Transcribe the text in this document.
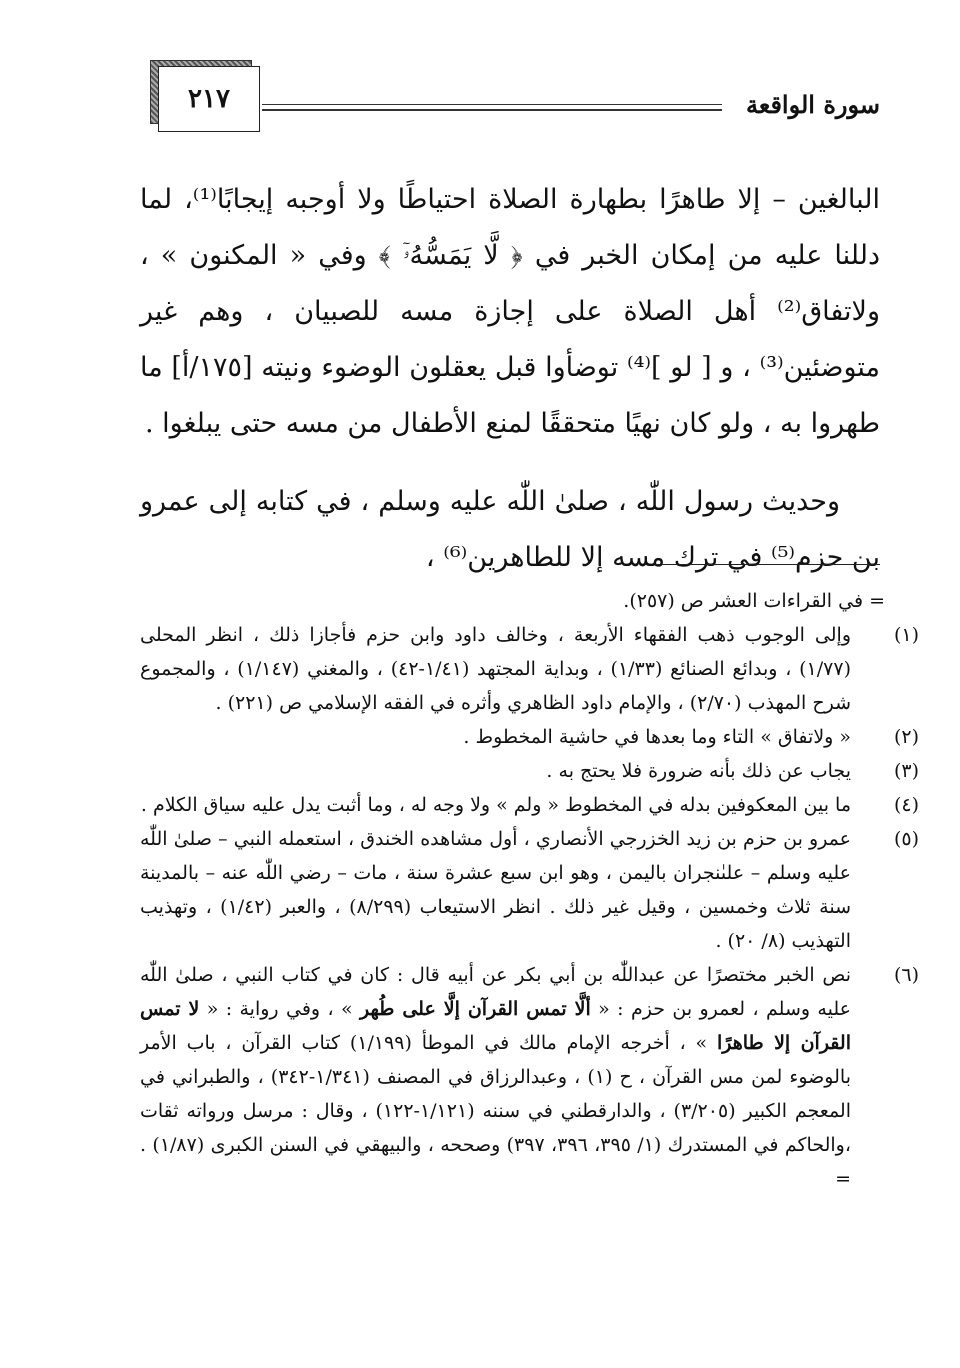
٢١٧	سورة الواقعة

البالغين – إلا طاهرًا بطهارة الصلاة احتياطًا ولا أوجبه إيجابًا⁽¹⁾، لما دللنا عليه من إمكان الخبر في ﴿ لَّا يَمَسُّهُۥٓ ﴾ وفي « المكنون » ، ولاتفاق⁽²⁾ أهل الصلاة على إجازة مسه للصبيان ، وهم غير متوضئين⁽³⁾ ، و [ لو ]⁽⁴⁾ توضأوا قبل يعقلون الوضوء ونيته [١٧٥/أ] ما طهروا به ، ولو كان نهيًا متحققًا لمنع الأطفال من مسه حتى يبلغوا .

وحديث رسول اللّٰه ، صلىٰ اللّٰه عليه وسلم ، في كتابه إلى عمرو بن حزم⁽⁵⁾ في ترك مسه إلا للطاهرين⁽⁶⁾ ،

= في القراءات العشر ص (٢٥٧).

(١)وإلى الوجوب ذهب الفقهاء الأربعة ، وخالف داود وابن حزم فأجازا ذلك ، انظر المحلى (١/٧٧) ، وبدائع الصنائع (١/٣٣) ، وبداية المجتهد (١/٤١-٤٢) ، والمغني (١/١٤٧) ، والمجموع شرح المهذب (٢/٧٠) ، والإمام داود الظاهري وأثره في الفقه الإسلامي ص (٢٢١) .

(٢)« ولاتفاق » التاء وما بعدها في حاشية المخطوط .

(٣)يجاب عن ذلك بأنه ضرورة فلا يحتج به .

(٤)ما بين المعكوفين بدله في المخطوط « ولم » ولا وجه له ، وما أثبت يدل عليه سياق الكلام .

(٥)عمرو بن حزم بن زيد الخزرجي الأنصاري ، أول مشاهده الخندق ، استعمله النبي – صلىٰ اللّٰه عليه وسلم – علىٰنجران باليمن ، وهو ابن سبع عشرة سنة ، مات – رضي اللّٰه عنه – بالمدينة سنة ثلاث وخمسين ، وقيل غير ذلك . انظر الاستيعاب (٨/٢٩٩) ، والعبر (١/٤٢) ، وتهذيب التهذيب (٨/ ٢٠) .

(٦)نص الخبر مختصرًا عن عبداللّٰه بن أبي بكر عن أبيه قال : كان في كتاب النبي ، صلىٰ اللّٰه عليه وسلم ، لعمرو بن حزم : « ألَّا تمس القرآن إلَّا على طُهر » ، وفي رواية : « لا تمس القرآن إلا طاهرًا » ، أخرجه الإمام مالك في الموطأ (١/١٩٩) كتاب القرآن ، باب الأمر بالوضوء لمن مس القرآن ، ح (١) ، وعبدالرزاق في المصنف (١/٣٤١-٣٤٢) ، والطبراني في المعجم الكبير (٣/٢٠٥) ، والدارقطني في سننه (١/١٢١-١٢٢) ، وقال : مرسل ورواته ثقات ،والحاكم في المستدرك (١/ ٣٩٥، ٣٩٦، ٣٩٧) وصححه ، والبيهقي في السنن الكبرى (١/٨٧) . =
